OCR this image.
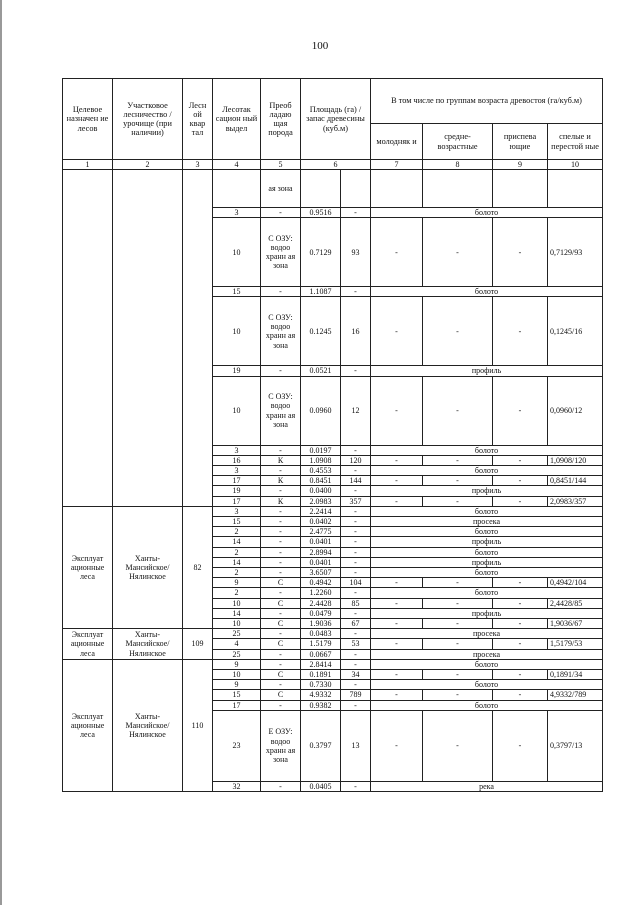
100
Целевое назначен ие лесов	Участковое лесничество /урочище (при наличии)	Лесн ой квар тал	Лесотак сацион ный выдел	Преоб ладаю щая порода	Площадь (га) /запас древесины (куб.м)		В том числе по группам возраста древостоя (га/куб.м)			
							молодняк и	средне-возрастные	приспева ющие	спелые и перестой ные
1	2	3	4	5	6		7	8	9	10
				ая зона						
			3	-	0.9516	-	болото			
			10	С ОЗУ: водоо хранн ая зона	0.7129	93	-	-	-	0,7129/93
			15	-	1.1087	-	болото			
			10	С ОЗУ: водоо хранн ая зона	0.1245	16	-	-	-	0,1245/16
			19	-	0.0521	-	профиль			
			10	С ОЗУ: водоо хранн ая зона	0.0960	12	-	-	-	0,0960/12
			3	-	0.0197	-	болото			
			16	К	1.0908	120	-	-	-	1,0908/120
			3	-	0.4553	-	болото			
			17	К	0.8451	144	-	-	-	0,8451/144
			19	-	0.0400	-	профиль			
			17	К	2.0983	357	-	-	-	2,0983/357
Эксплуат ационные леса	Ханты-Мансийское/ Нялинское	82	3	-	2.2414	-	болото			
			15	-	0.0402	-	просека			
			2	-	2.4775	-	болото			
			14	-	0.0401	-	профиль			
			2	-	2.8994	-	болото			
			14	-	0.0401	-	профиль			
			2	-	3.6507	-	болото			
			9	С	0.4942	104	-	-	-	0,4942/104
			2	-	1.2260	-	болото			
			10	С	2.4428	85	-	-	-	2,4428/85
			14	-	0.0479	-	профиль			
			10	С	1.9036	67	-	-	-	1,9036/67
Эксплуат ационные леса	Ханты-Мансийское/ Нялинское	109	25	-	0.0483	-	просека			
			4	С	1.5179	53	-	-	-	1,5179/53
			25	-	0.0667	-	просека			
Эксплуат ационные леса	Ханты-Мансийское/ Нялинское	110	9	-	2.8414	-	болото			
			10	С	0.1891	34	-	-	-	0,1891/34
			9	-	0.7330	-	болото			
			15	С	4.9332	789	-	-	-	4,9332/789
			17	-	0.9382	-	болото			
			23	Е ОЗУ: водоо хранн ая зона	0.3797	13	-	-	-	0,3797/13
			32	-	0.0405	-	река			
